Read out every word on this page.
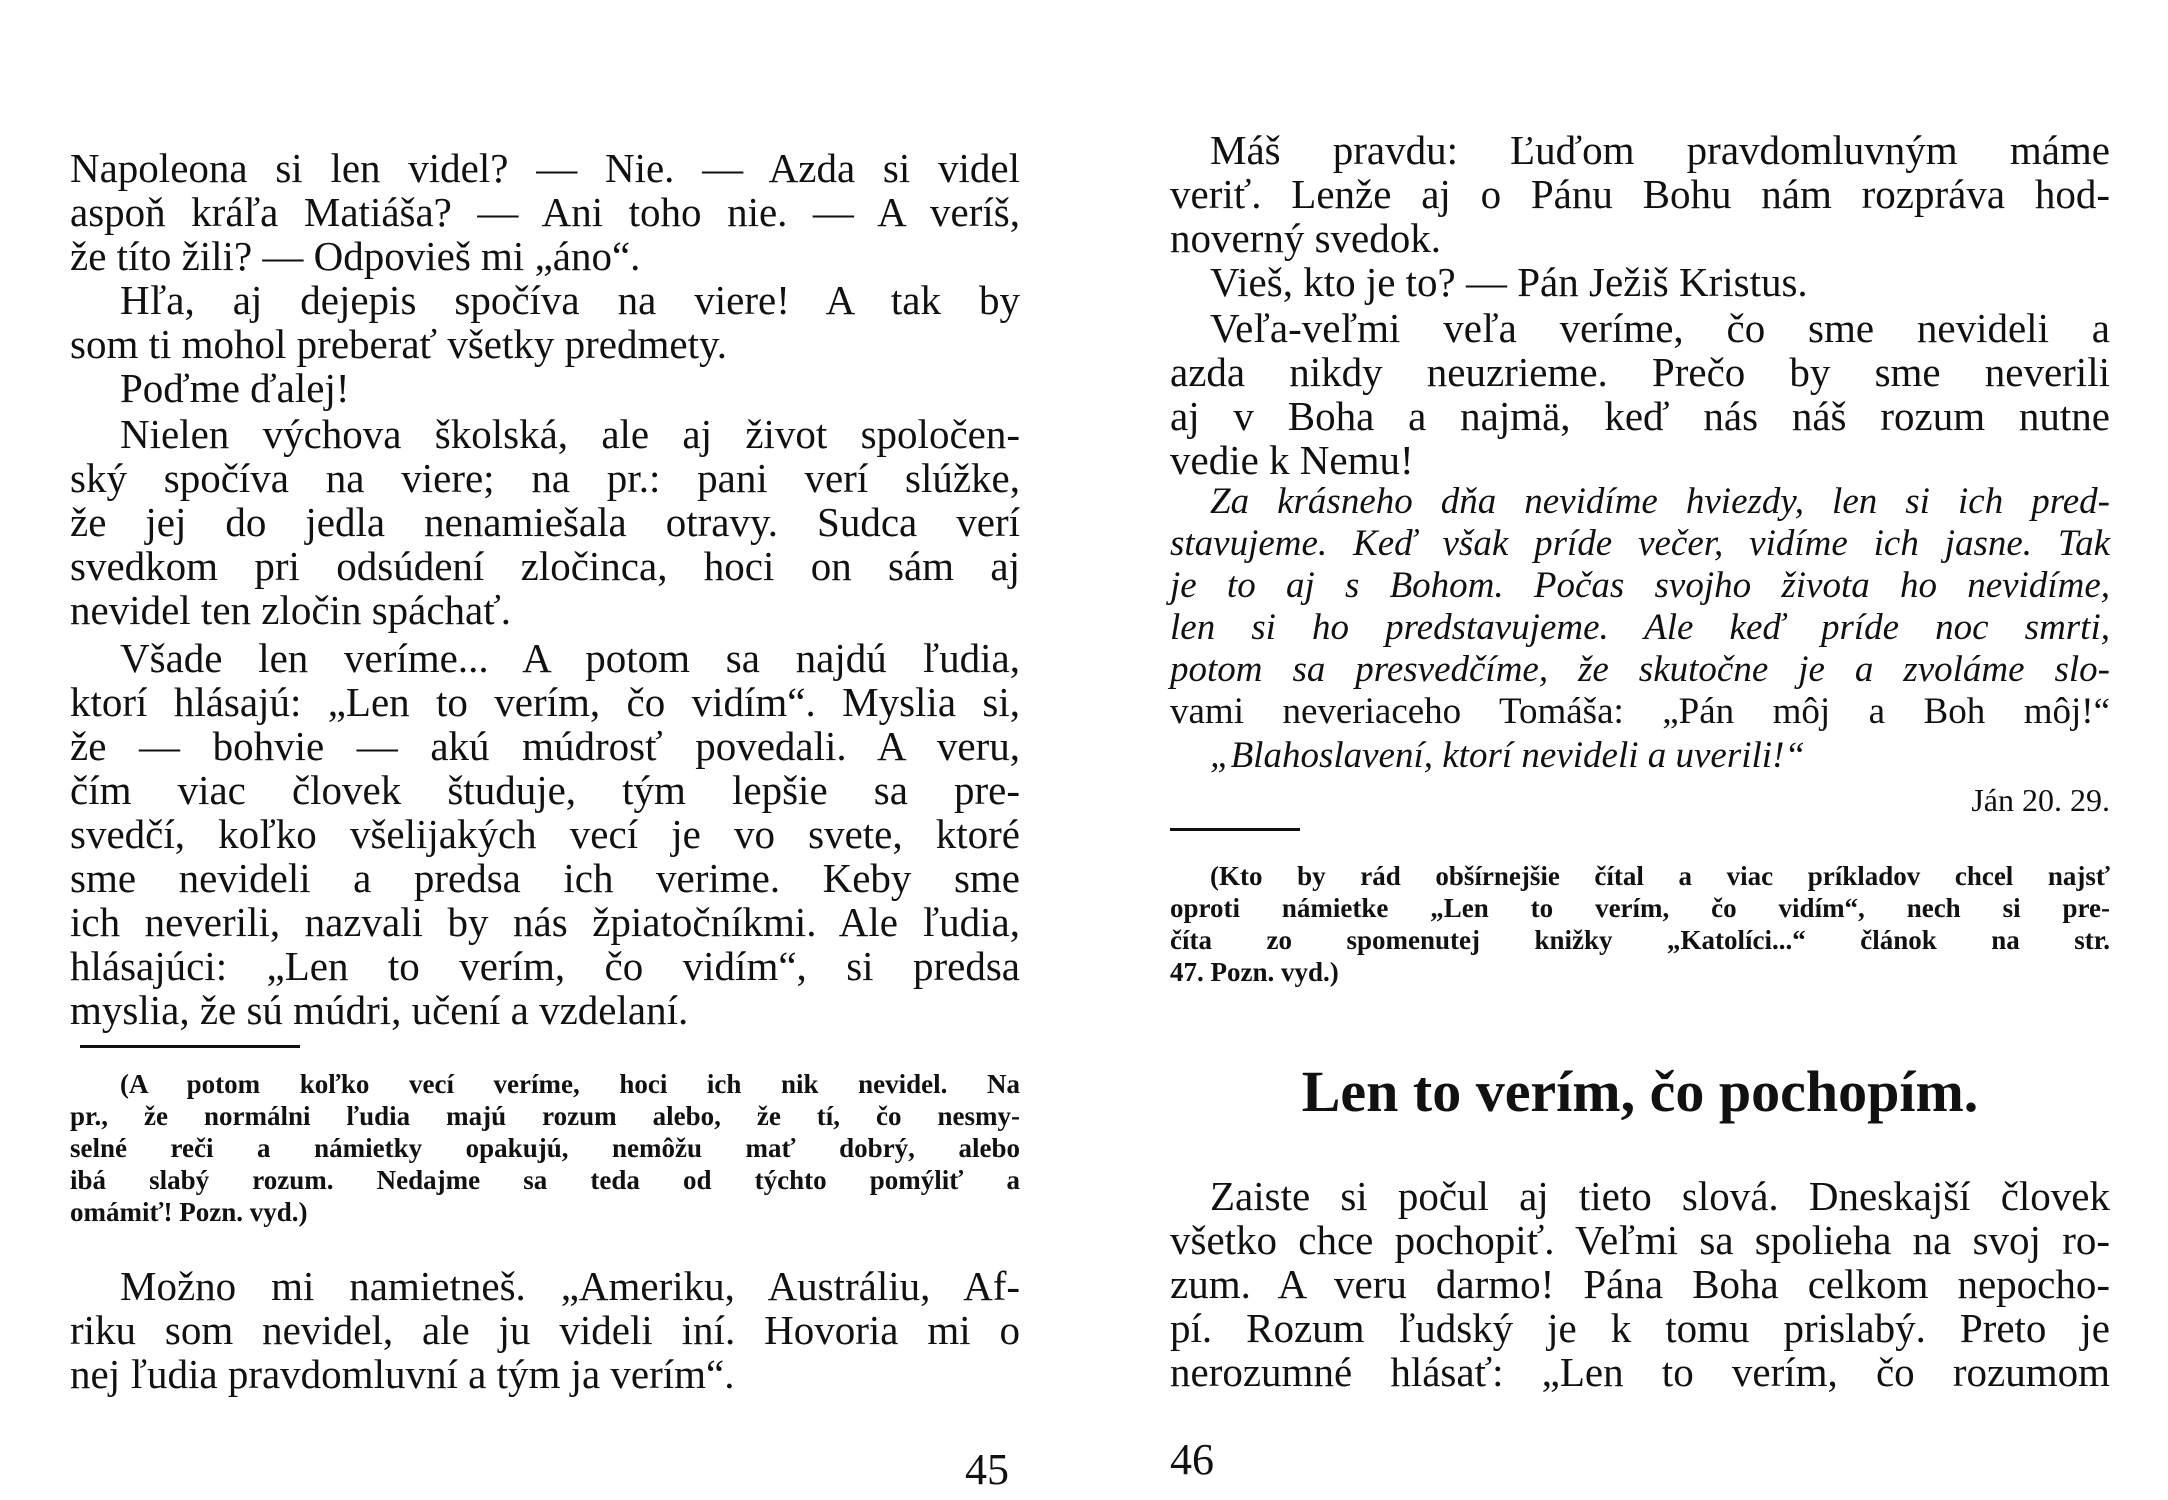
Napoleona si len videl? — Nie. — Azda si videl
aspoň kráľa Matiáša? — Ani toho nie. — A veríš,
že títo žili? — Odpovieš mi „áno“.
Hľa, aj dejepis spočíva na viere! A tak by
som ti mohol preberať všetky predmety.
Poďme ďalej!
Nielen výchova školská, ale aj život spoločen-
ský spočíva na viere; na pr.: pani verí slúžke,
že jej do jedla nenamiešala otravy. Sudca verí
svedkom pri odsúdení zločinca, hoci on sám aj
nevidel ten zločin spáchať.
Všade len veríme... A potom sa najdú ľudia,
ktorí hlásajú: „Len to verím, čo vidím“. Myslia si,
že — bohvie — akú múdrosť povedali. A veru,
čím viac človek študuje, tým lepšie sa pre-
svedčí, koľko všelijakých vecí je vo svete, ktoré
sme nevideli a predsa ich verime. Keby sme
ich neverili, nazvali by nás žpiatočníkmi. Ale ľudia,
hlásajúci: „Len to verím, čo vidím“, si predsa
myslia, že sú múdri, učení a vzdelaní.
(A potom koľko vecí veríme, hoci ich nik nevidel. Na
pr., že normálni ľudia majú rozum alebo, že tí, čo nesmy-
selné reči a námietky opakujú, nemôžu mať dobrý, alebo
ibá slabý rozum. Nedajme sa teda od týchto pomýliť a
omámiť! Pozn. vyd.)
Možno mi namietneš. „Ameriku, Austráliu, Af-
riku som nevidel, ale ju videli iní. Hovoria mi o
nej ľudia pravdomluvní a tým ja verím“.
45
Máš pravdu: Ľuďom pravdomluvným máme
veriť. Lenže aj o Pánu Bohu nám rozpráva hod-
noverný svedok.
Vieš, kto je to? — Pán Ježiš Kristus.
Veľa-veľmi veľa veríme, čo sme nevideli a
azda nikdy neuzrieme. Prečo by sme neverili
aj v Boha a najmä, keď nás náš rozum nutne
vedie k Nemu!
Za krásneho dňa nevidíme hviezdy, len si ich pred-
stavujeme. Keď však príde večer, vidíme ich jasne. Tak
je to aj s Bohom. Počas svojho života ho nevidíme,
len si ho predstavujeme. Ale keď príde noc smrti,
potom sa presvedčíme, že skutočne je a zvoláme slo-
vami neveriaceho Tomáša: „Pán môj a Boh môj!“
„Blahoslavení, ktorí nevideli a uverili!“
Ján 20. 29.
(Kto by rád obšírnejšie čítal a viac príkladov chcel najsť
oproti námietke „Len to verím, čo vidím“, nech si pre-
číta zo spomenutej knižky „Katolíci...“ článok na str.
47. Pozn. vyd.)
Len to verím, čo pochopím.
Zaiste si počul aj tieto slová. Dneskajší človek
všetko chce pochopiť. Veľmi sa spolieha na svoj ro-
zum. A veru darmo! Pána Boha celkom nepocho-
pí. Rozum ľudský je k tomu prislabý. Preto je
nerozumné hlásať: „Len to verím, čo rozumom
46
